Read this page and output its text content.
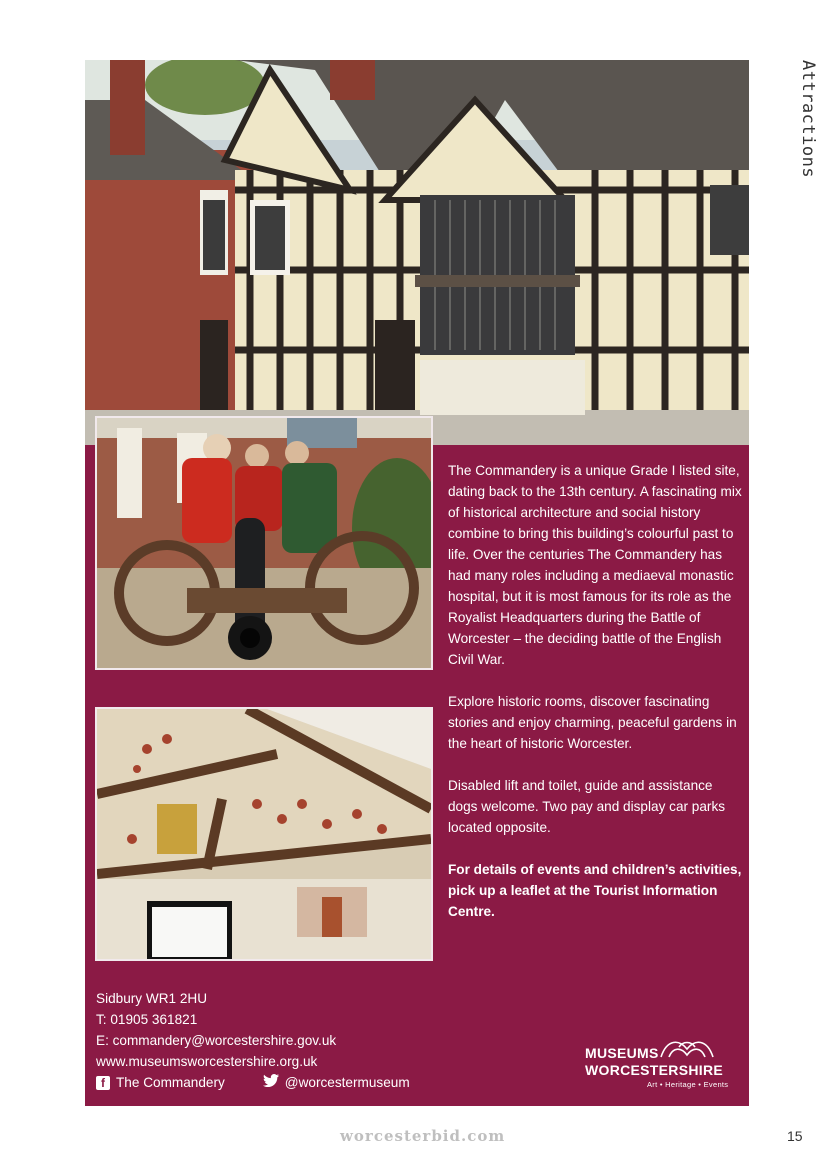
Attractions

The Commandery is a unique Grade I listed site, dating back to the 13th century. A fascinating mix of historical architecture and social history combine to bring this building’s colourful past to life. Over the centuries The Commandery has had many roles including a mediaeval monastic hospital, but it is most famous for its role as the Royalist Headquarters during the Battle of Worcester – the deciding battle of the English Civil War.

Explore historic rooms, discover fascinating stories and enjoy charming, peaceful gardens in the heart of historic Worcester.

Disabled lift and toilet, guide and assistance dogs welcome. Two pay and display car parks located opposite.

For details of events and children’s activities, pick up a leaflet at the Tourist Information Centre.

Sidbury WR1 2HU
T: 01905 361821
E: commandery@worcestershire.gov.uk
www.museumsworcestershire.org.uk
f The Commandery	@worcestermuseum
MUSEUMS
WORCESTERSHIRE
Art • Heritage • Events
worcesterbid.com	15
